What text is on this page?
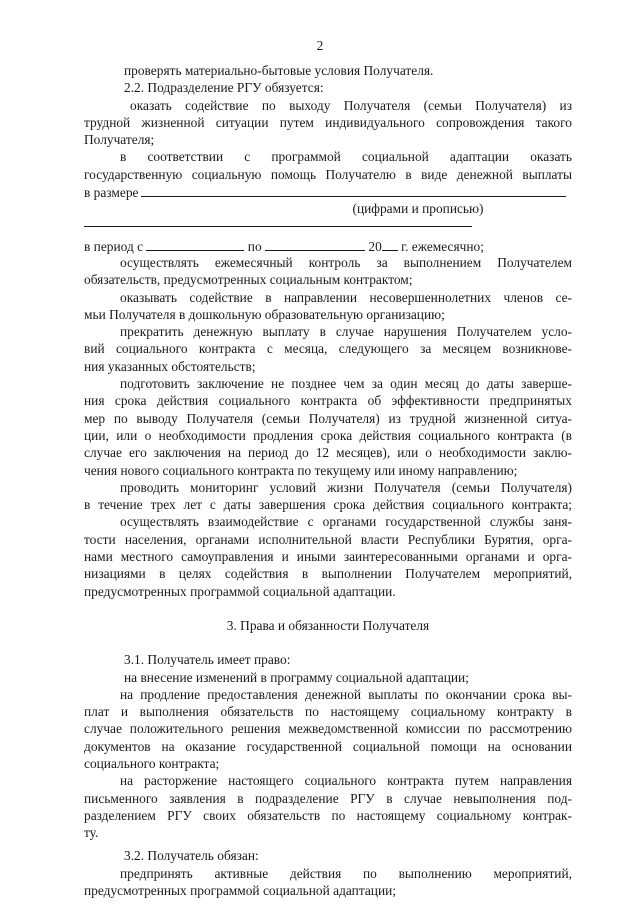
2
проверять материально-бытовые условия Получателя.
2.2. Подразделение РГУ обязуется:
оказать содействие по выходу Получателя (семьи Получателя) из
трудной жизненной ситуации путем индивидуального сопровождения такого
Получателя;
в соответствии с программой социальной адаптации оказать
государственную социальную помощь Получателю в виде денежной выплаты
в размере
(цифрами и прописью)
в период с	по	20 г. ежемесячно;
осуществлять ежемесячный контроль за выполнением Получателем
обязательств, предусмотренных социальным контрактом;
оказывать содействие в направлении несовершеннолетних членов се-
мьи Получателя в дошкольную образовательную организацию;
прекратить денежную выплату в случае нарушения Получателем усло-
вий социального контракта с месяца, следующего за месяцем возникнове-
ния указанных обстоятельств;
подготовить заключение не позднее чем за один месяц до даты заверше-
ния срока действия социального контракта об эффективности предпринятых
мер по выводу Получателя (семьи Получателя) из трудной жизненной ситуа-
ции, или о необходимости продления срока действия социального контракта (в
случае его заключения на период до 12 месяцев), или о необходимости заклю-
чения нового социального контракта по текущему или иному направлению;
проводить мониторинг условий жизни Получателя (семьи Получателя)
в течение трех лет с даты завершения срока действия социального контракта;
осуществлять взаимодействие с органами государственной службы заня-
тости населения, органами исполнительной власти Республики Бурятия, орга-
нами местного самоуправления и иными заинтересованными органами и орга-
низациями в целях содействия в выполнении Получателем мероприятий,
предусмотренных программой социальной адаптации.
3. Права и обязанности Получателя
3.1. Получатель имеет право:
на внесение изменений в программу социальной адаптации;
на продление предоставления денежной выплаты по окончании срока вы-
плат и выполнения обязательств по настоящему социальному контракту в
случае положительного решения межведомственной комиссии по рассмотрению
документов на оказание государственной социальной помощи на основании
социального контракта;
на расторжение настоящего социального контракта путем направления
письменного заявления в подразделение РГУ в случае невыполнения под-
разделением РГУ своих обязательств по настоящему социальному контрак-
ту.
3.2. Получатель обязан:
предпринять активные действия по выполнению мероприятий,
предусмотренных программой социальной адаптации;
